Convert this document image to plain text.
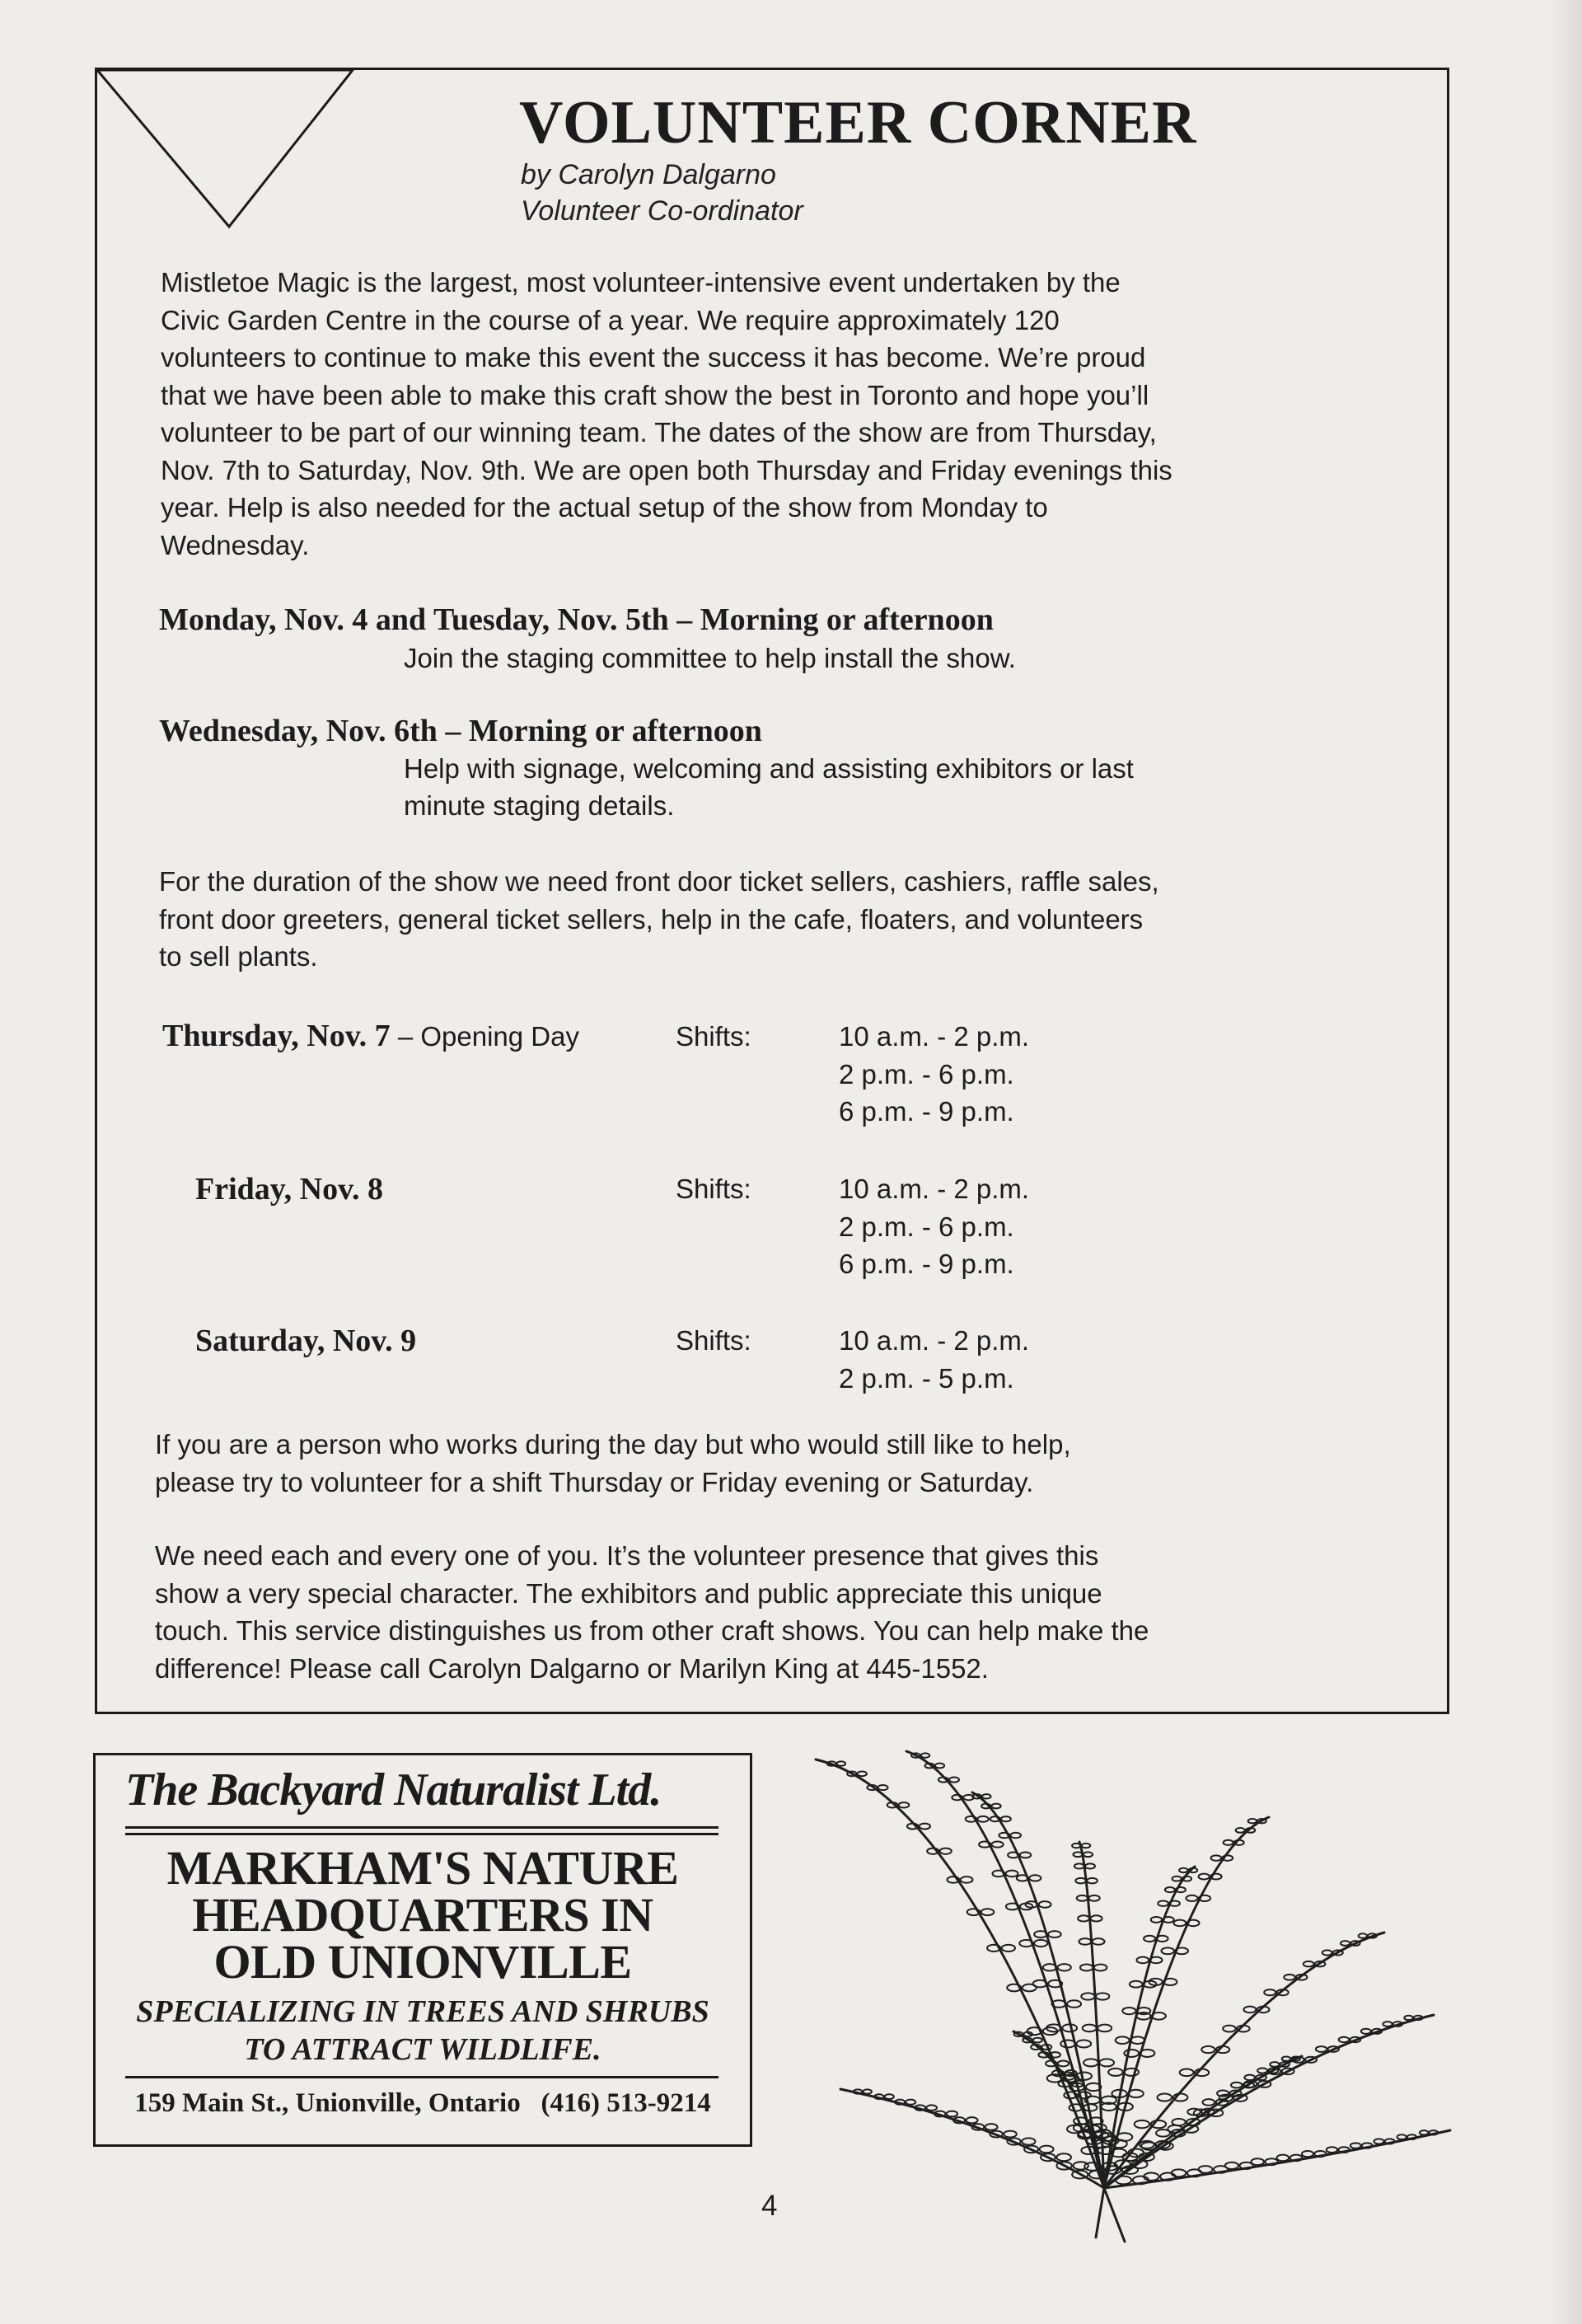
VOLUNTEER CORNER
by Carolyn Dalgarno
Volunteer Co-ordinator
Mistletoe Magic is the largest, most volunteer-intensive event undertaken by the
Civic Garden Centre in the course of a year. We require approximately 120
volunteers to continue to make this event the success it has become. We’re proud
that we have been able to make this craft show the best in Toronto and hope you’ll
volunteer to be part of our winning team. The dates of the show are from Thursday,
Nov. 7th to Saturday, Nov. 9th. We are open both Thursday and Friday evenings this
year. Help is also needed for the actual setup of the show from Monday to
Wednesday.
Monday, Nov. 4 and Tuesday, Nov. 5th – Morning or afternoon
Join the staging committee to help install the show.
Wednesday, Nov. 6th – Morning or afternoon
Help with signage, welcoming and assisting exhibitors or last
minute staging details.
For the duration of the show we need front door ticket sellers, cashiers, raffle sales,
front door greeters, general ticket sellers, help in the cafe, floaters, and volunteers
to sell plants.
Thursday, Nov. 7 – Opening Day	Shifts:	10 a.m. - 2 p.m.
2 p.m. - 6 p.m.
6 p.m. - 9 p.m.
Friday, Nov. 8	Shifts:	10 a.m. - 2 p.m.
2 p.m. - 6 p.m.
6 p.m. - 9 p.m.
Saturday, Nov. 9	Shifts:	10 a.m. - 2 p.m.
2 p.m. - 5 p.m.
If you are a person who works during the day but who would still like to help,
please try to volunteer for a shift Thursday or Friday evening or Saturday.
We need each and every one of you. It’s the volunteer presence that gives this
show a very special character. The exhibitors and public appreciate this unique
touch. This service distinguishes us from other craft shows. You can help make the
difference! Please call Carolyn Dalgarno or Marilyn King at 445-1552.
The Backyard Naturalist Ltd.
MARKHAM'S NATURE
HEADQUARTERS IN
OLD UNIONVILLE
SPECIALIZING IN TREES AND SHRUBS
TO ATTRACT WILDLIFE.
159 Main St., Unionville, Ontario (416) 513-9214
4
